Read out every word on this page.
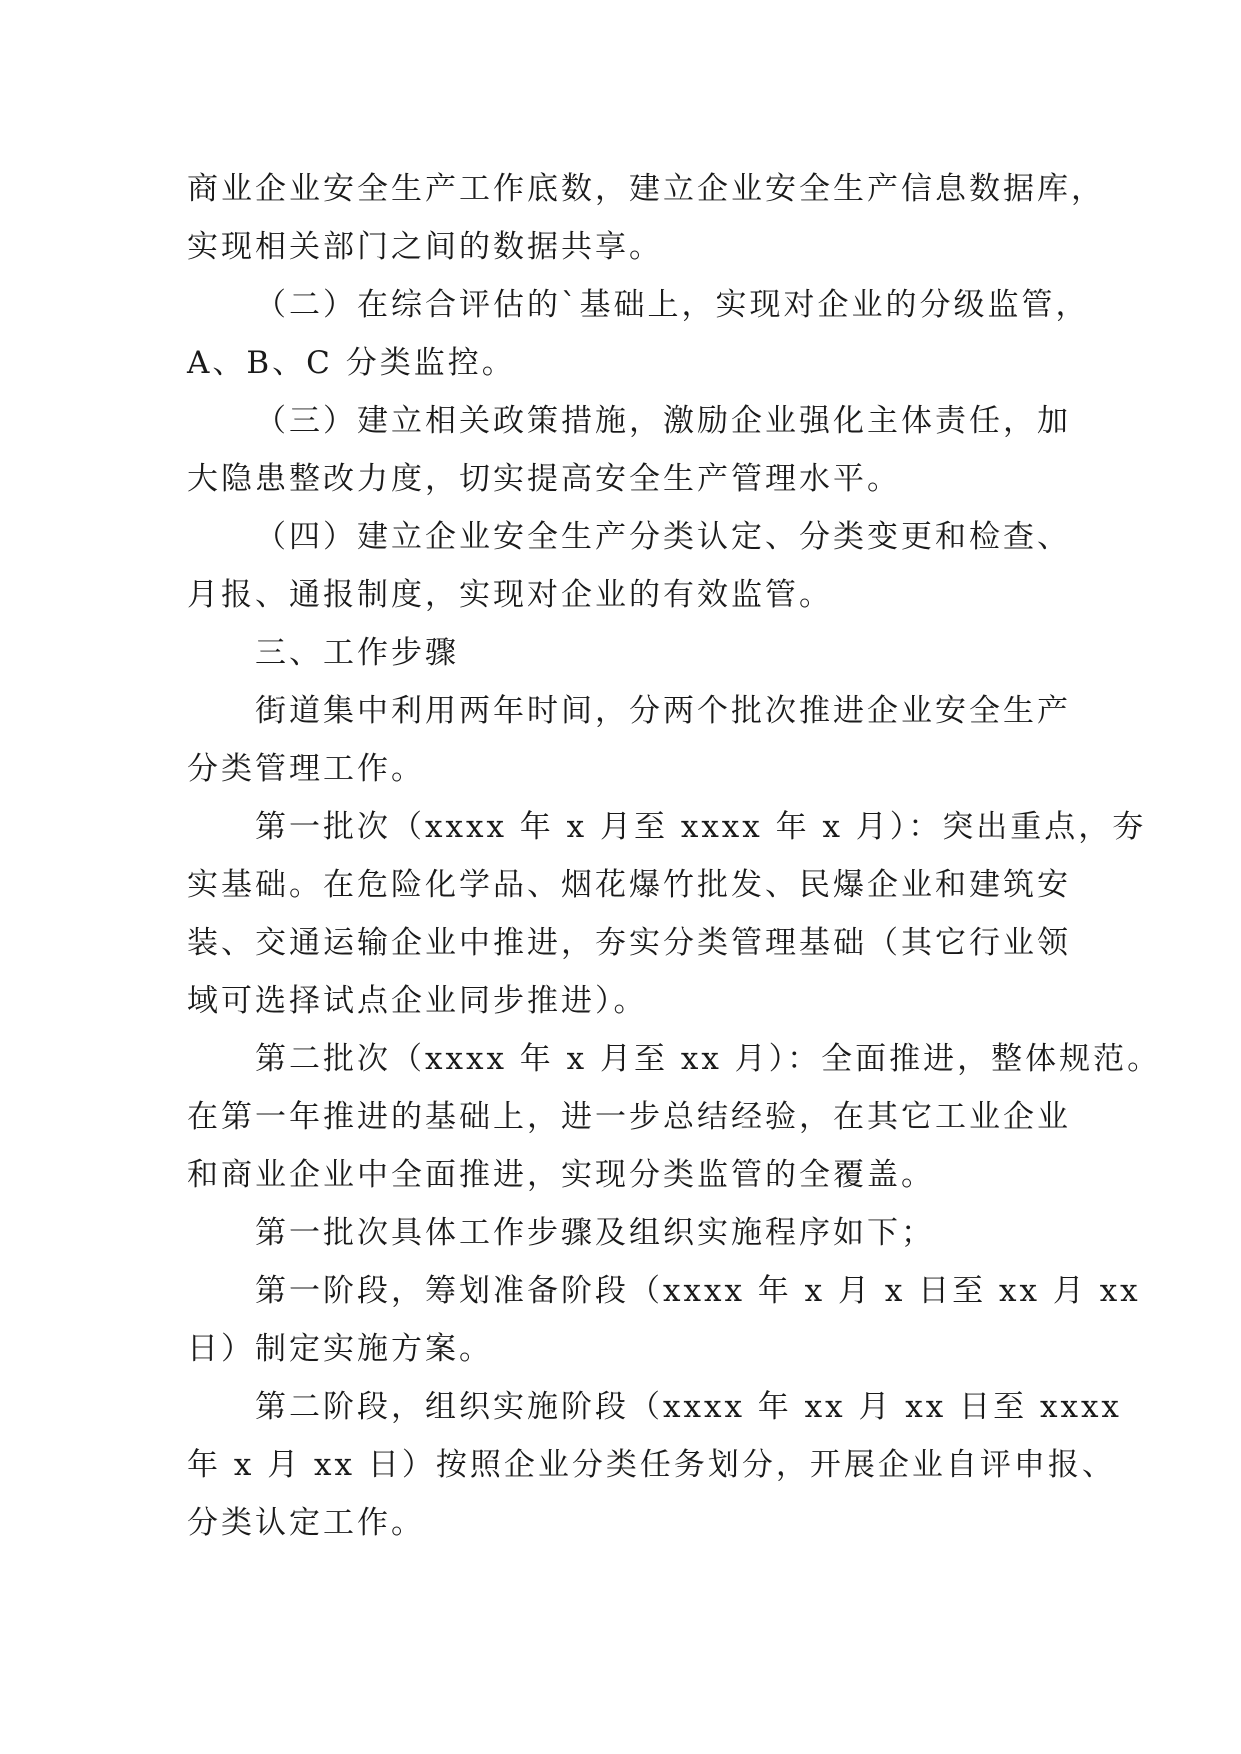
商业企业安全生产工作底数，建立企业安全生产信息数据库，
实现相关部门之间的数据共享。
（二）在综合评估的`基础上，实现对企业的分级监管，
A、B、C 分类监控。
（三）建立相关政策措施，激励企业强化主体责任，加
大隐患整改力度，切实提高安全生产管理水平。
（四）建立企业安全生产分类认定、分类变更和检查、
月报、通报制度，实现对企业的有效监管。
三、工作步骤
街道集中利用两年时间，分两个批次推进企业安全生产
分类管理工作。
第一批次（xxxx 年 x 月至 xxxx 年 x 月）：突出重点，夯
实基础。在危险化学品、烟花爆竹批发、民爆企业和建筑安
装、交通运输企业中推进，夯实分类管理基础（其它行业领
域可选择试点企业同步推进）。
第二批次（xxxx 年 x 月至 xx 月）：全面推进，整体规范。
在第一年推进的基础上，进一步总结经验，在其它工业企业
和商业企业中全面推进，实现分类监管的全覆盖。
第一批次具体工作步骤及组织实施程序如下；
第一阶段，筹划准备阶段（xxxx 年 x 月 x 日至 xx 月 xx
日）制定实施方案。
第二阶段，组织实施阶段（xxxx 年 xx 月 xx 日至 xxxx
年 x 月 xx 日）按照企业分类任务划分，开展企业自评申报、
分类认定工作。
